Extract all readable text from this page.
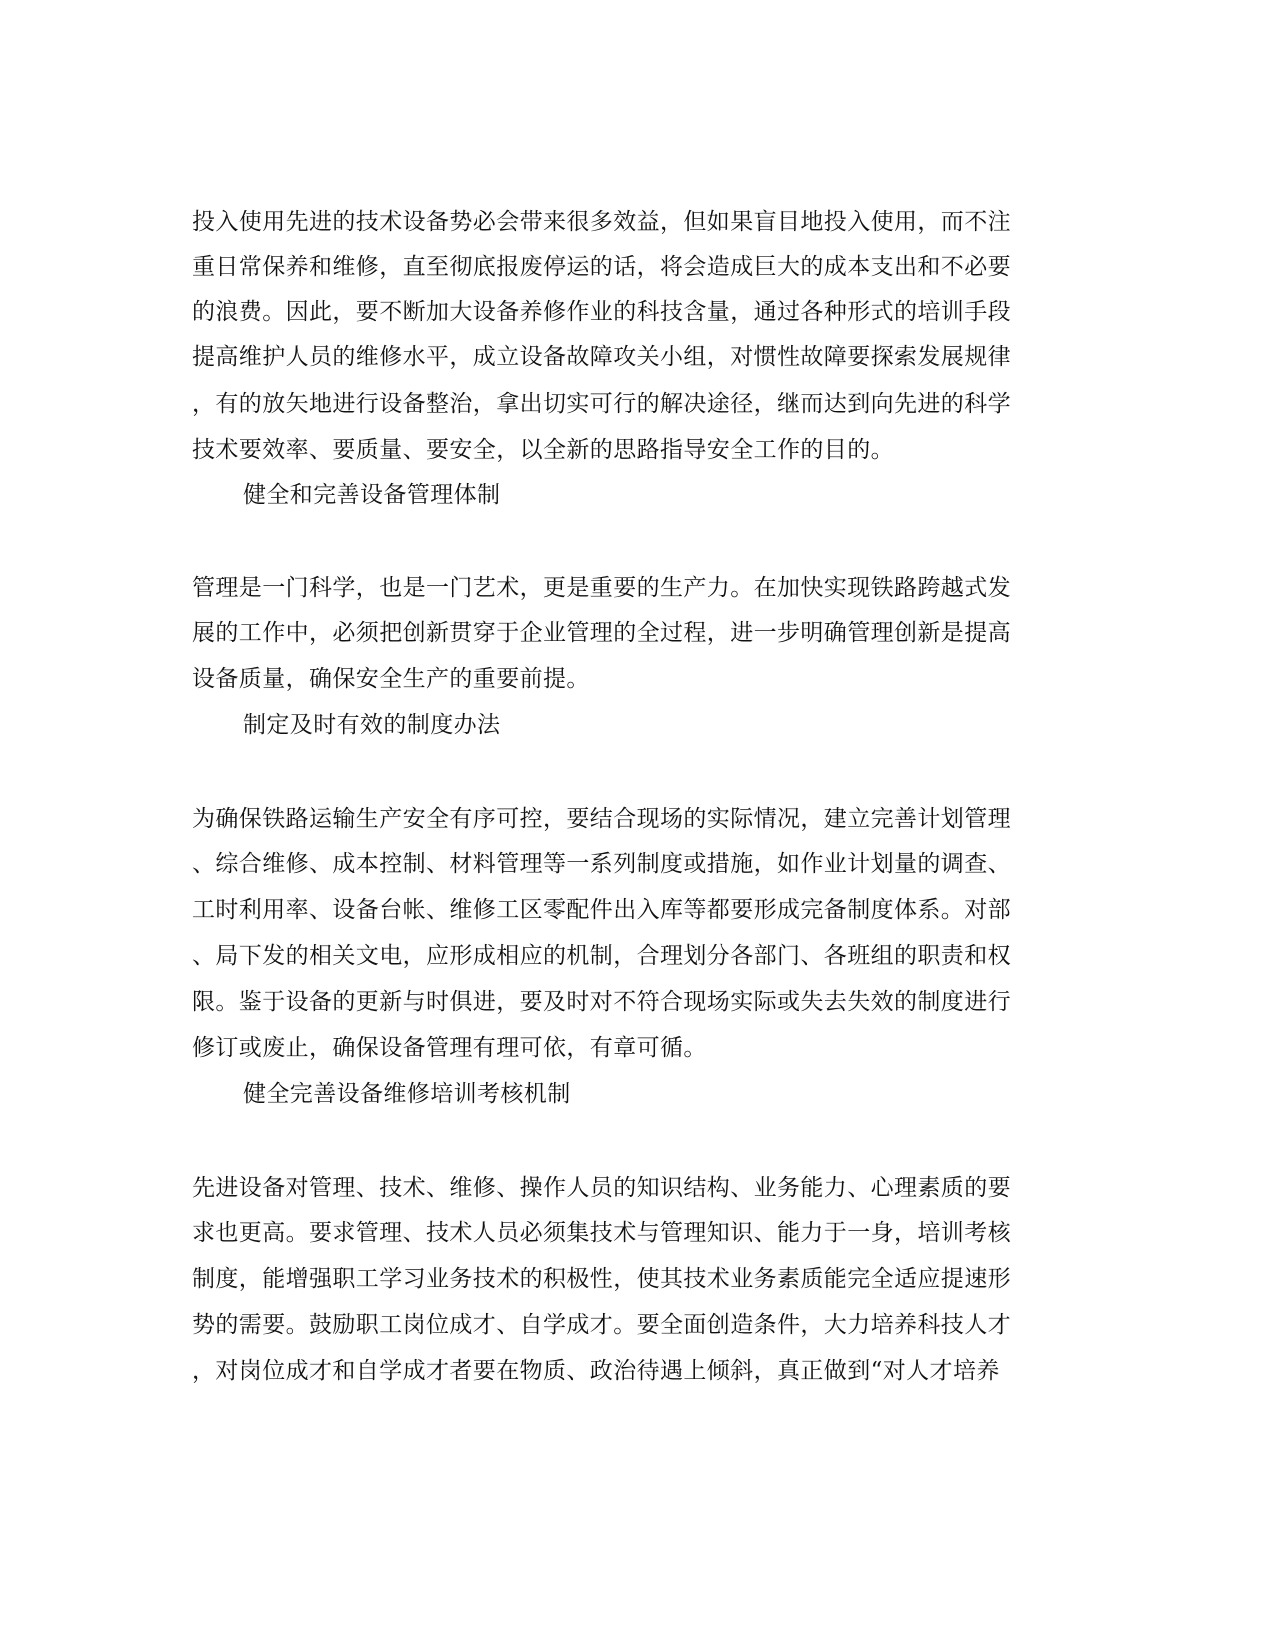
投入使用先进的技术设备势必会带来很多效益，但如果盲目地投入使用，而不注
重日常保养和维修，直至彻底报废停运的话，将会造成巨大的成本支出和不必要
的浪费。因此，要不断加大设备养修作业的科技含量，通过各种形式的培训手段
提高维护人员的维修水平，成立设备故障攻关小组，对惯性故障要探索发展规律
，有的放矢地进行设备整治，拿出切实可行的解决途径，继而达到向先进的科学
技术要效率、要质量、要安全，以全新的思路指导安全工作的目的。
健全和完善设备管理体制
管理是一门科学，也是一门艺术，更是重要的生产力。在加快实现铁路跨越式发
展的工作中，必须把创新贯穿于企业管理的全过程，进一步明确管理创新是提高
设备质量，确保安全生产的重要前提。
制定及时有效的制度办法
为确保铁路运输生产安全有序可控，要结合现场的实际情况，建立完善计划管理
、综合维修、成本控制、材料管理等一系列制度或措施，如作业计划量的调查、
工时利用率、设备台帐、维修工区零配件出入库等都要形成完备制度体系。对部
、局下发的相关文电，应形成相应的机制，合理划分各部门、各班组的职责和权
限。鉴于设备的更新与时俱进，要及时对不符合现场实际或失去失效的制度进行
修订或废止，确保设备管理有理可依，有章可循。
健全完善设备维修培训考核机制
先进设备对管理、技术、维修、操作人员的知识结构、业务能力、心理素质的要
求也更高。要求管理、技术人员必须集技术与管理知识、能力于一身，培训考核
制度，能增强职工学习业务技术的积极性，使其技术业务素质能完全适应提速形
势的需要。鼓励职工岗位成才、自学成才。要全面创造条件，大力培养科技人才
，对岗位成才和自学成才者要在物质、政治待遇上倾斜，真正做到“对人才培养
